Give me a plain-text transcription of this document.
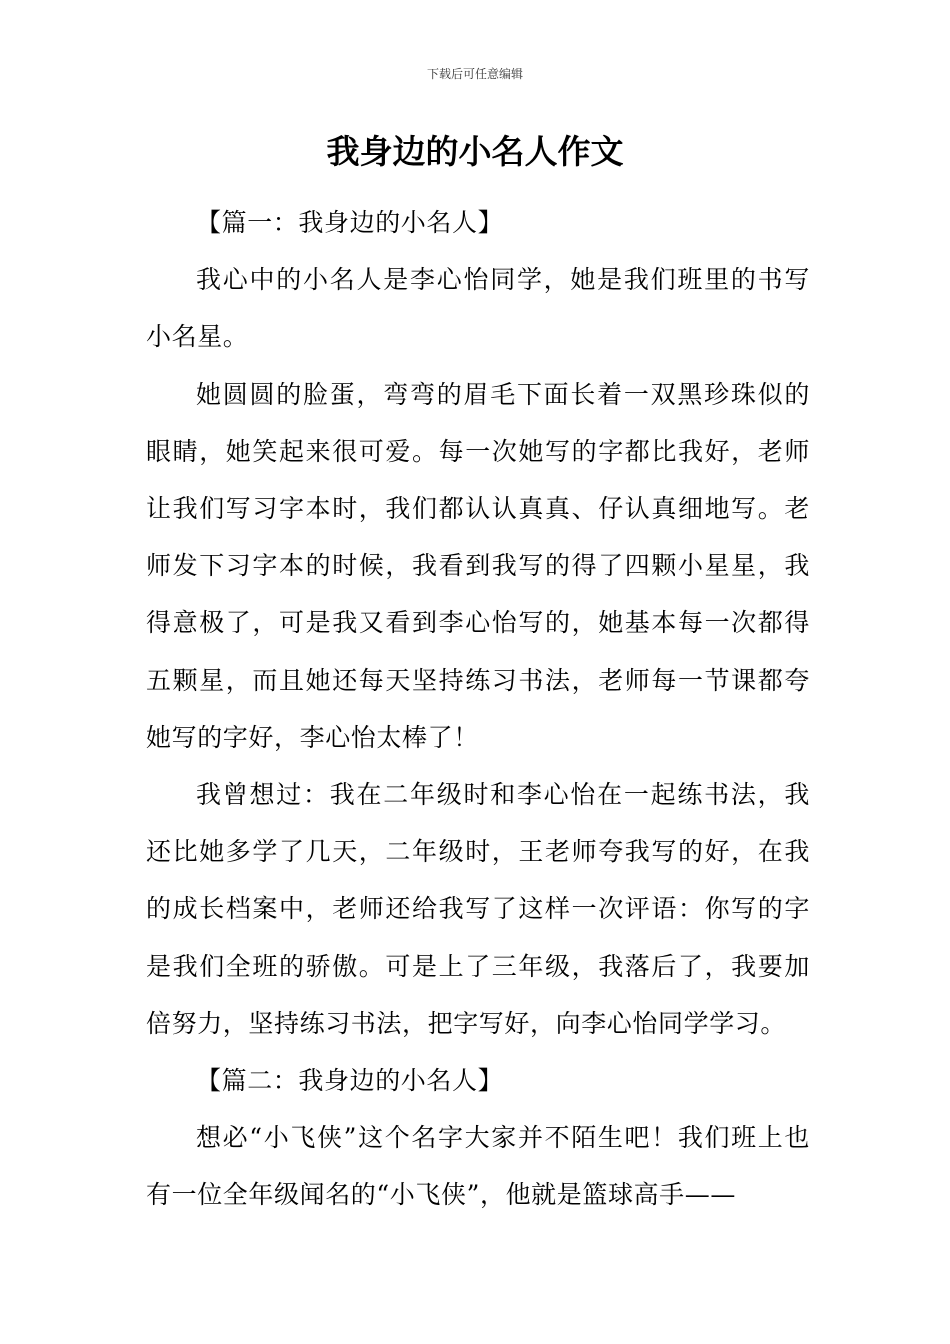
下载后可任意编辑
我身边的小名人作文

【篇一：我身边的小名人】

我心中的小名人是李心怡同学，她是我们班里的书写小名星。

她圆圆的脸蛋，弯弯的眉毛下面长着一双黑珍珠似的眼睛，她笑起来很可爱。每一次她写的字都比我好，老师让我们写习字本时，我们都认认真真、仔认真细地写。老师发下习字本的时候，我看到我写的得了四颗小星星，我得意极了，可是我又看到李心怡写的，她基本每一次都得五颗星，而且她还每天坚持练习书法，老师每一节课都夸她写的字好，李心怡太棒了！

我曾想过：我在二年级时和李心怡在一起练书法，我还比她多学了几天，二年级时，王老师夸我写的好，在我的成长档案中，老师还给我写了这样一次评语：你写的字是我们全班的骄傲。可是上了三年级，我落后了，我要加倍努力，坚持练习书法，把字写好，向李心怡同学学习。

【篇二：我身边的小名人】

想必“小飞侠”这个名字大家并不陌生吧！我们班上也有一位全年级闻名的“小飞侠”，他就是篮球高手——
